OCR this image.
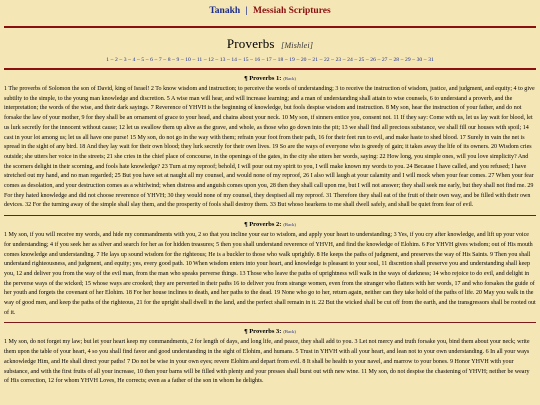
Tanakh | Messiah Scriptures
Proverbs [Mishlei]
1 – 2 – 3 – 4 – 5 – 6 – 7 – 8 – 9 – 10 – 11 – 12 – 13 – 14 – 15 – 16 – 17 – 18 – 19 – 20 – 21 – 22 – 23 – 24 – 25 – 26 – 27 – 28 – 29 – 30 – 31
¶ Proverbs 1: (Back)
1 The proverbs of Solomon the son of David, king of Israel! 2 To know wisdom and instruction; to perceive the words of understanding; 3 to receive the instruction of wisdom, justice, and judgment, and equity; 4 to give subtilty to the simple, to the young man knowledge and discretion. 5 A wise man will hear, and will increase learning; and a man of understanding shall attain to wise counsels, 6 to understand a proverb, and the interpretation; the words of the wise, and their dark sayings. 7 Reverence of YHVH is the beginning of knowledge, but fools despise wisdom and instruction. 8 My son, hear the instruction of your father, and do not forsake the law of your mother, 9 for they shall be an ornament of grace to your head, and chains about your neck. 10 My son, if sinners entice you, consent not. 11 If they say: Come with us, let us lay wait for blood, let us lurk secretly for the innocent without cause; 12 let us swallow them up alive as the grave, and whole, as those who go down into the pit; 13 we shall find all precious substance, we shall fill our houses with spoil; 14 cast in your lot among us; let us all have one purse! 15 My son, do not go in the way with them; refrain your foot from their path, 16 for their feet run to evil, and make haste to shed blood. 17 Surely in vain the net is spread in the sight of any bird. 18 And they lay wait for their own blood; they lurk secretly for their own lives. 19 So are the ways of everyone who is greedy of gain; it takes away the life of its owners. 20 Wisdom cries outside; she utters her voice in the streets; 21 she cries in the chief place of concourse, in the openings of the gates, in the city she utters her words, saying: 22 How long, you simple ones, will you love simplicity? And the scorners delight in their scorning, and fools hate knowledge? 23 Turn at my reproof; behold, I will pour out my spirit to you, I will make known my words to you. 24 Because I have called, and you refused; I have stretched out my hand, and no man regarded; 25 But you have set at naught all my counsel, and would none of my reproof, 26 I also will laugh at your calamity and I will mock when your fear comes. 27 When your fear comes as desolation, and your destruction comes as a whirlwind; when distress and anguish comes upon you, 28 then they shall call upon me, but I will not answer; they shall seek me early, but they shall not find me. 29 For they hated knowledge and did not choose reverence of YHVH; 30 they would none of my counsel, they despised all my reproof. 31 Therefore they shall eat of the fruit of their own way, and be filled with their own devices. 32 For the turning away of the simple shall slay them, and the prosperity of fools shall destroy them. 33 But whoso hearkens to me shall dwell safely, and shall be quiet from fear of evil.
¶ Proverbs 2: (Back)
1 My son, if you will receive my words, and hide my commandments with you, 2 so that you incline your ear to wisdom, and apply your heart to understanding; 3 Yes, if you cry after knowledge, and lift up your voice for understanding; 4 if you seek her as silver and search for her as for hidden treasures; 5 then you shall understand reverence of YHVH, and find the knowledge of Elohim. 6 For YHVH gives wisdom; out of His mouth comes knowledge and understanding. 7 He lays up sound wisdom for the righteous; He is a buckler to those who walk uprightly. 8 He keeps the paths of judgment, and preserves the way of His Saints. 9 Then you shall understand righteousness, and judgment, and equity; yes, every good path. 10 When wisdom enters into your heart, and knowledge is pleasant to your soul, 11 discretion shall preserve you and understanding shall keep you, 12 and deliver you from the way of the evil man, from the man who speaks perverse things. 13 Those who leave the paths of uprightness will walk in the ways of darkness; 14 who rejoice to do evil, and delight in the perverse ways of the wicked; 15 whose ways are crooked; they are perverted in their paths 16 to deliver you from strange women, even from the stranger who flatters with her words, 17 and who forsakes the guide of her youth and forgets the covenant of her Elohim. 18 For her house inclines to death, and her paths to the dead. 19 None who go to her, return again, neither can they take hold of the paths of life. 20 May you walk in the way of good men, and keep the paths of the righteous, 21 for the upright shall dwell in the land, and the perfect shall remain in it. 22 But the wicked shall be cut off from the earth, and the transgressors shall be rooted out of it.
¶ Proverbs 3: (Back)
1 My son, do not forget my law; but let your heart keep my commandments, 2 for length of days, and long life, and peace, they shall add to you. 3 Let not mercy and truth forsake you, bind them about your neck; write them upon the table of your heart, 4 so you shall find favor and good understanding in the sight of Elohim, and humans. 5 Trust in YHVH with all your heart, and lean not to your own understanding. 6 In all your ways acknowledge Him, and He shall direct your paths! 7 Do not be wise in your own eyes; revere Elohim and depart from evil. 8 It shall be health to your navel, and marrow to your bones. 9 Honor YHVH with your substance, and with the first fruits of all your increase, 10 then your barns will be filled with plenty and your presses shall burst out with new wine. 11 My son, do not despise the chastening of YHVH; neither be weary of His correction, 12 for whom YHVH Loves, He corrects; even as a father of the son in whom he delights.
